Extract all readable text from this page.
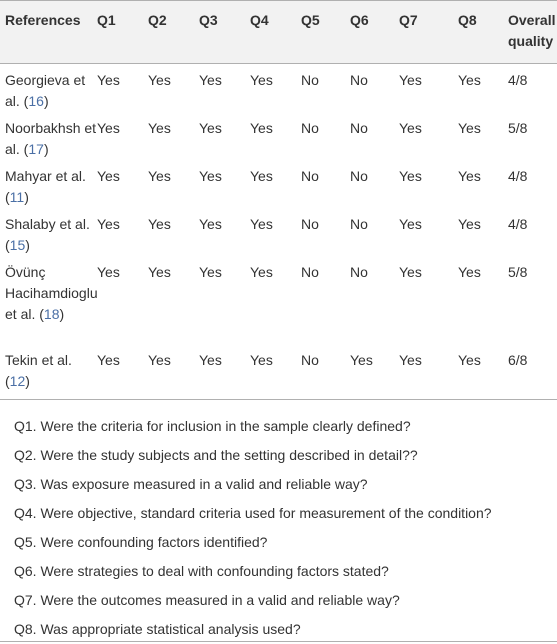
References	Q1	Q2	Q3	Q4	Q5	Q6	Q7	Q8	Overall quality
Georgieva et al. (16)	Yes	Yes	Yes	Yes	No	No	Yes	Yes	4/8
Noorbakhsh et al. (17)	Yes	Yes	Yes	Yes	No	No	Yes	Yes	5/8
Mahyar et al. (11)	Yes	Yes	Yes	Yes	No	No	Yes	Yes	4/8
Shalaby et al. (15)	Yes	Yes	Yes	Yes	No	No	Yes	Yes	4/8
Övünç Hacihamdioglu et al. (18)	Yes	Yes	Yes	Yes	No	No	Yes	Yes	5/8
Tekin et al. (12)	Yes	Yes	Yes	Yes	No	Yes	Yes	Yes	6/8
Q1. Were the criteria for inclusion in the sample clearly defined?
Q2. Were the study subjects and the setting described in detail??
Q3. Was exposure measured in a valid and reliable way?
Q4. Were objective, standard criteria used for measurement of the condition?
Q5. Were confounding factors identified?
Q6. Were strategies to deal with confounding factors stated?
Q7. Were the outcomes measured in a valid and reliable way?
Q8. Was appropriate statistical analysis used?
